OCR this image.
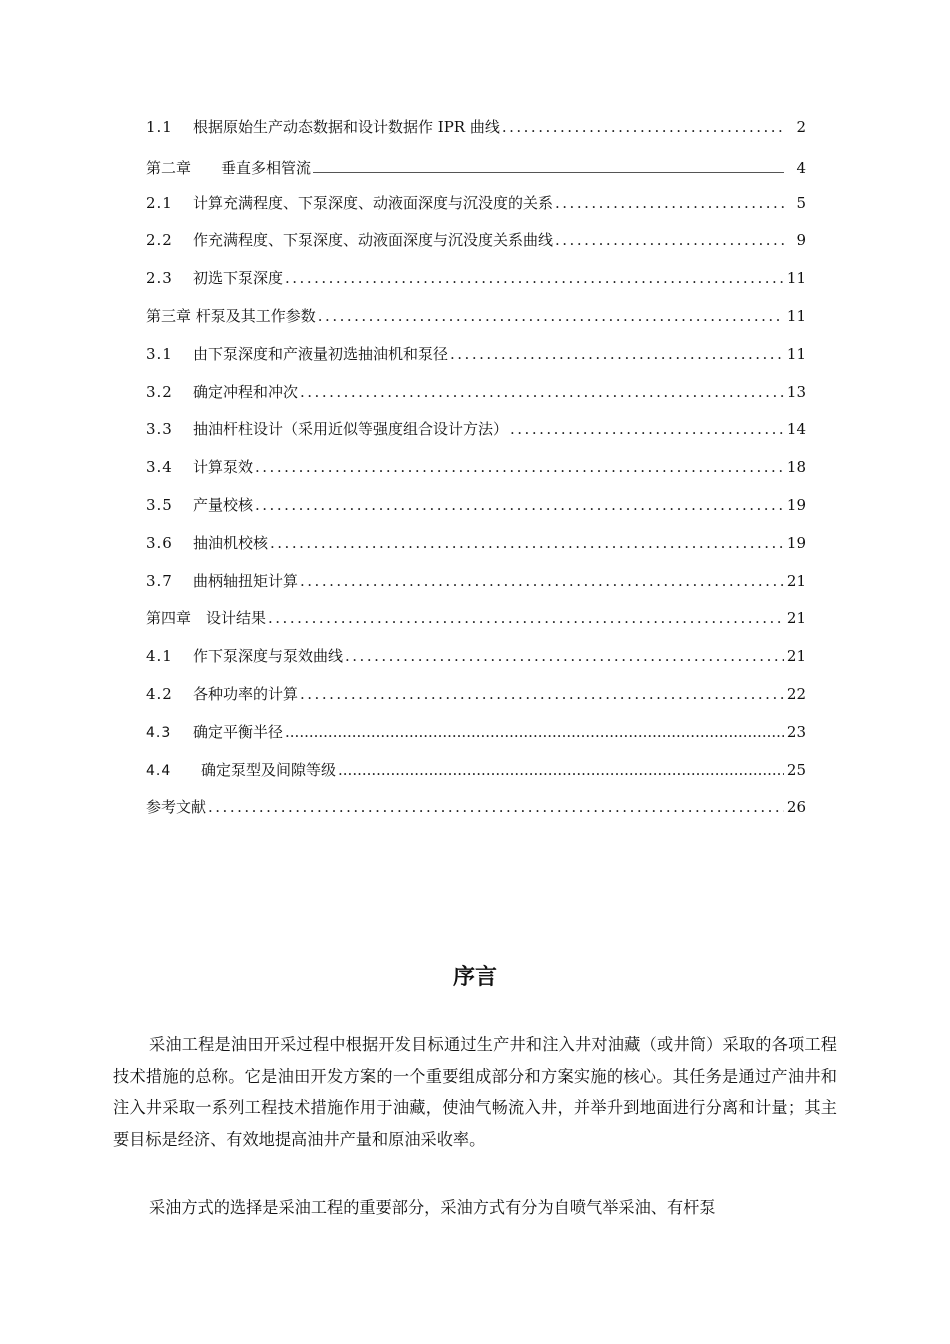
1.1	根据原始生产动态数据和设计数据作 IPR 曲线 .....	2
第二章　　垂直多相管流	4
2.1	计算充满程度、下泵深度、动液面深度与沉没度的关系 .....	5
2.2	作充满程度、下泵深度、动液面深度与沉没度关系曲线 .....	9
2.3	初选下泵深度 .....	11
第三章 杆泵及其工作参数 .....	11
3.1	由下泵深度和产液量初选抽油机和泵径 .....	11
3.2	确定冲程和冲次 .....	13
3.3	抽油杆柱设计（采用近似等强度组合设计方法） .....	14
3.4	计算泵效 .....	18
3.5	产量校核 .....	19
3.6	抽油机校核 .....	19
3.7	曲柄轴扭矩计算 .....	21
第四章　设计结果 .....	21
4.1	作下泵深度与泵效曲线 .....	21
4.2	各种功率的计算 .....	22
4.3	确定平衡半径 .....	23
4.4	确定泵型及间隙等级 .....	25
参考文献 .....	26
序言

采油工程是油田开采过程中根据开发目标通过生产井和注入井对油藏（或井筒）采取的各项工程技术措施的总称。它是油田开发方案的一个重要组成部分和方案实施的核心。其任务是通过产油井和注入井采取一系列工程技术措施作用于油藏，使油气畅流入井，并举升到地面进行分离和计量；其主要目标是经济、有效地提高油井产量和原油采收率。

采油方式的选择是采油工程的重要部分，采油方式有分为自喷气举采油、有杆泵
